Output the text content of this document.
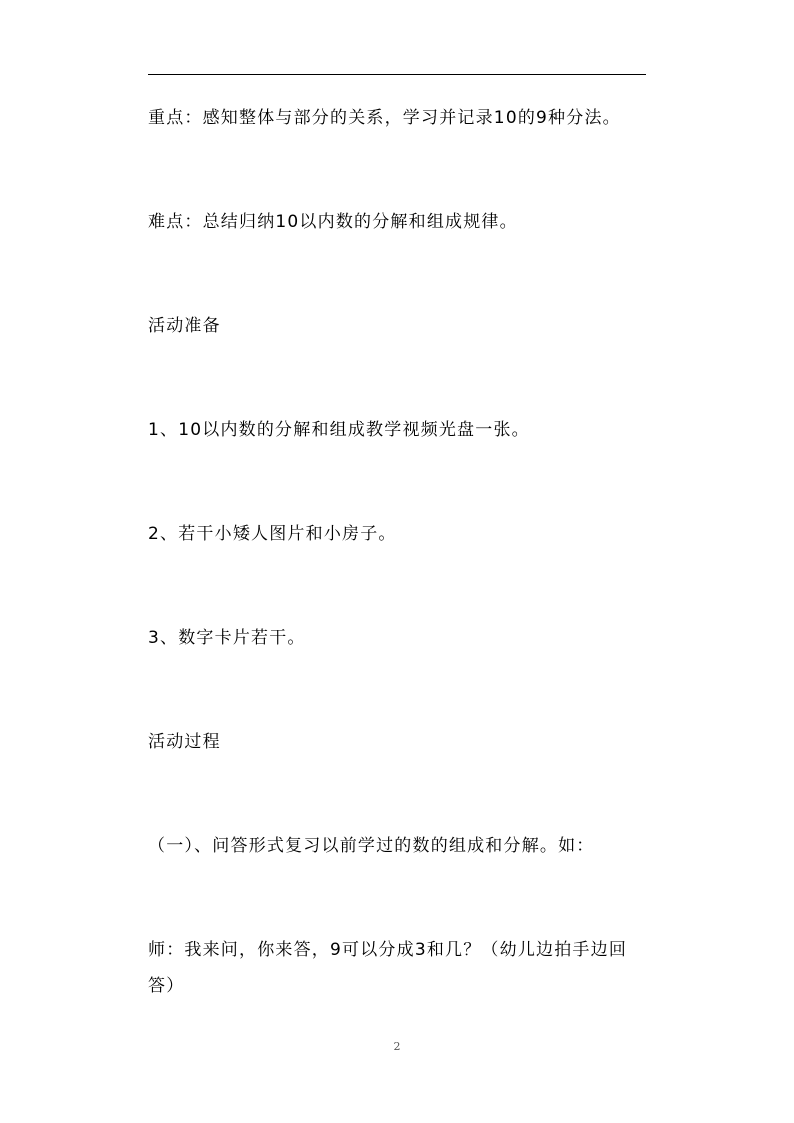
重点：感知整体与部分的关系，学习并记录10的9种分法。
难点：总结归纳10以内数的分解和组成规律。
活动准备
1、10以内数的分解和组成教学视频光盘一张。
2、若干小矮人图片和小房子。
3、数字卡片若干。
活动过程
（一）、问答形式复习以前学过的数的组成和分解。如：
师：我来问，你来答，9可以分成3和几？（幼儿边拍手边回答）
2
